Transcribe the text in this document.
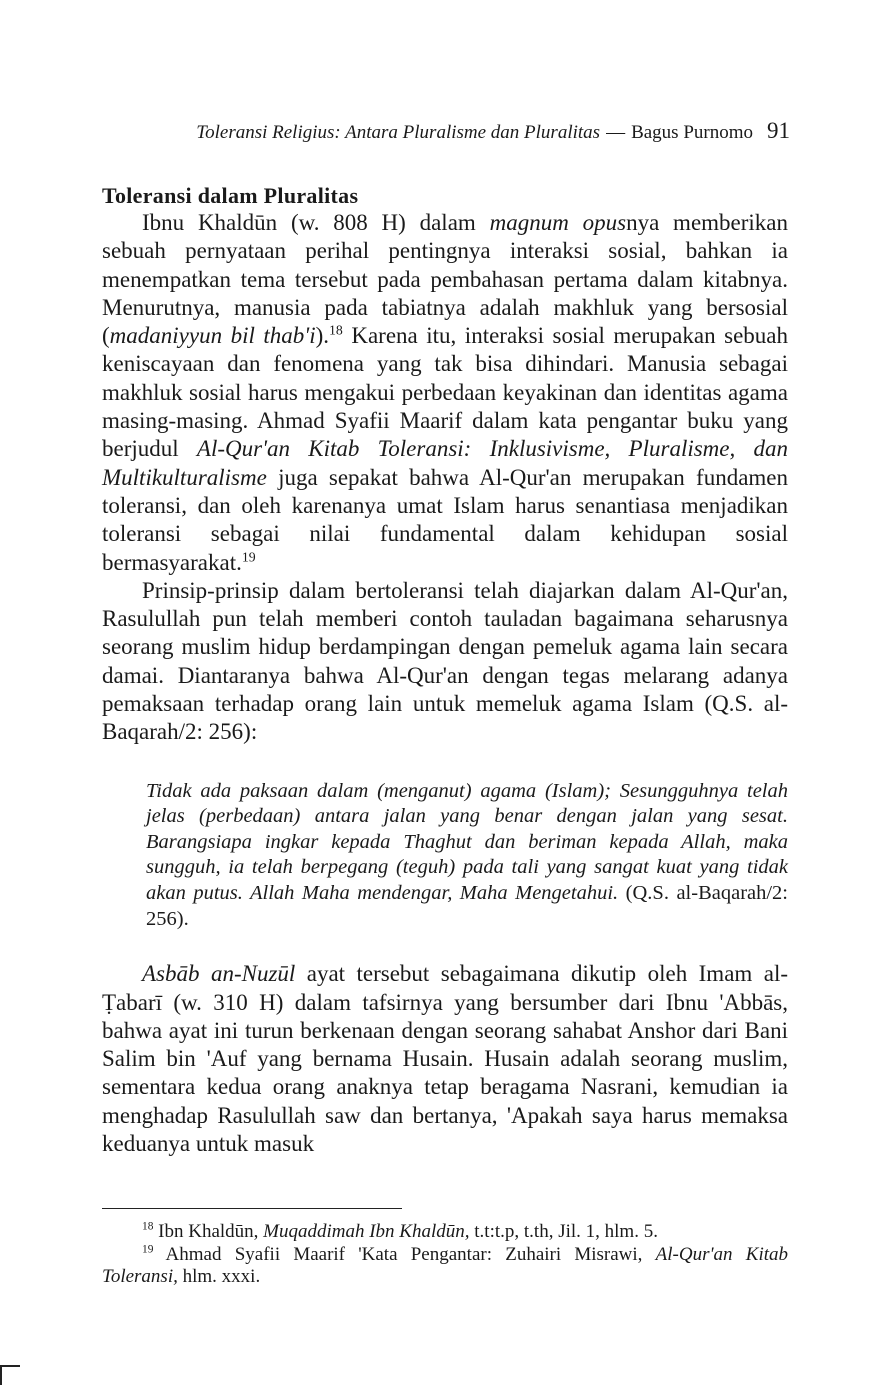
Toleransi Religius: Antara Pluralisme dan Pluralitas — Bagus Purnomo 91
Toleransi dalam Pluralitas

Ibnu Khaldūn (w. 808 H) dalam magnum opusnya memberikan sebuah pernyataan perihal pentingnya interaksi sosial, bahkan ia menempatkan tema tersebut pada pembahasan pertama dalam kitabnya. Menurutnya, manusia pada tabiatnya adalah makhluk yang bersosial (madaniyyun bil thab'i).$^{18}$ Karena itu, interaksi sosial merupakan sebuah keniscayaan dan fenomena yang tak bisa dihindari. Manusia sebagai makhluk sosial harus mengakui perbedaan keyakinan dan identitas agama masing-masing. Ahmad Syafii Maarif dalam kata pengantar buku yang berjudul Al-Qur'an Kitab Toleransi: Inklusivisme, Pluralisme, dan Multikulturalisme juga sepakat bahwa Al-Qur'an merupakan fundamen toleransi, dan oleh karenanya umat Islam harus senantiasa menjadikan toleransi sebagai nilai fundamental dalam kehidupan sosial bermasyarakat.$^{19}$

Prinsip-prinsip dalam bertoleransi telah diajarkan dalam Al-Qur'an, Rasulullah pun telah memberi contoh tauladan bagaimana seharusnya seorang muslim hidup berdampingan dengan pemeluk agama lain secara damai. Diantaranya bahwa Al-Qur'an dengan tegas melarang adanya pemaksaan terhadap orang lain untuk memeluk agama Islam (Q.S. al-Baqarah/2: 256):

Tidak ada paksaan dalam (menganut) agama (Islam); Sesungguhnya telah jelas (perbedaan) antara jalan yang benar dengan jalan yang sesat. Barangsiapa ingkar kepada Thaghut dan beriman kepada Allah, maka sungguh, ia telah berpegang (teguh) pada tali yang sangat kuat yang tidak akan putus. Allah Maha mendengar, Maha Mengetahui. (Q.S. al-Baqarah/2: 256).

Asbāb an-Nuzūl ayat tersebut sebagaimana dikutip oleh Imam al-Ṭabarī (w. 310 H) dalam tafsirnya yang bersumber dari Ibnu 'Abbās, bahwa ayat ini turun berkenaan dengan seorang sahabat Anshor dari Bani Salim bin 'Auf yang bernama Husain. Husain adalah seorang muslim, sementara kedua orang anaknya tetap beragama Nasrani, kemudian ia menghadap Rasulullah saw dan bertanya, 'Apakah saya harus memaksa keduanya untuk masuk

$^{18}$ Ibn Khaldūn, Muqaddimah Ibn Khaldūn, t.t:t.p, t.th, Jil. 1, hlm. 5.

$^{19}$ Ahmad Syafii Maarif 'Kata Pengantar: Zuhairi Misrawi, Al-Qur'an Kitab Toleransi, hlm. xxxi.
